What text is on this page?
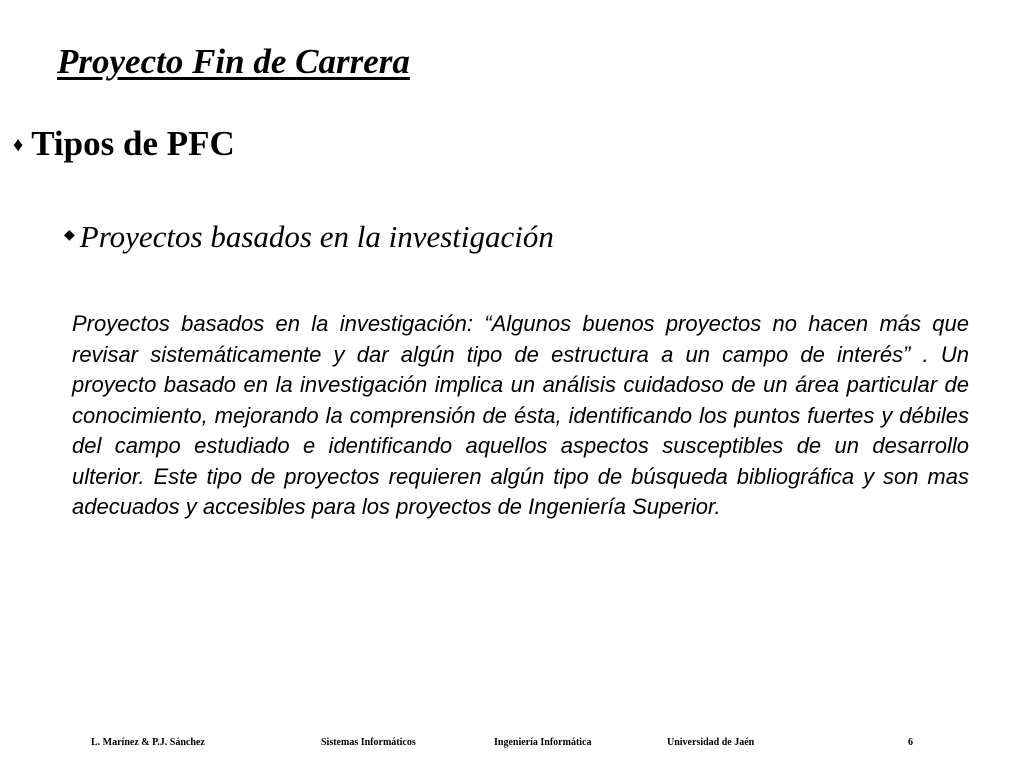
Proyecto Fin de Carrera
♦ Tipos de PFC
◆ Proyectos basados en la investigación

Proyectos basados en la investigación: “Algunos buenos proyectos no hacen más que revisar sistemáticamente y dar algún tipo de estructura a un campo de interés” . Un proyecto basado en la investigación implica un análisis cuidadoso de un área particular de conocimiento, mejorando la comprensión de ésta, identificando los puntos fuertes y débiles del campo estudiado e identificando aquellos aspectos susceptibles de un desarrollo ulterior. Este tipo de proyectos requieren algún tipo de búsqueda bibliográfica y son mas adecuados y accesibles para los proyectos de Ingeniería Superior.

L. Marínez & P.J. Sánchez	Sistemas Informáticos	Ingeniería Informática	Universidad de Jaén	6
